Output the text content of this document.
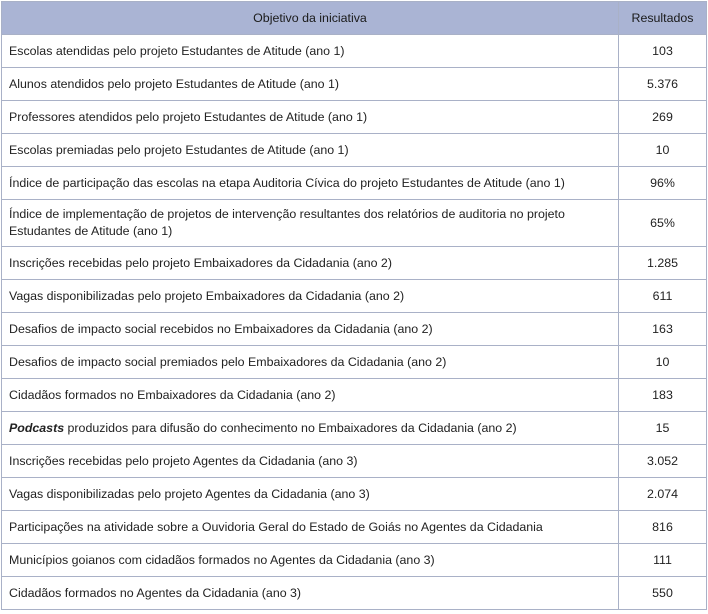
Objetivo da iniciativa	Resultados
Escolas atendidas pelo projeto Estudantes de Atitude (ano 1)	103
Alunos atendidos pelo projeto Estudantes de Atitude (ano 1)	5.376
Professores atendidos pelo projeto Estudantes de Atitude (ano 1)	269
Escolas premiadas pelo projeto Estudantes de Atitude (ano 1)	10
Índice de participação das escolas na etapa Auditoria Cívica do projeto Estudantes de Atitude (ano 1)	96%
Índice de implementação de projetos de intervenção resultantes dos relatórios de auditoria no projeto Estudantes de Atitude (ano 1)	65%
Inscrições recebidas pelo projeto Embaixadores da Cidadania (ano 2)	1.285
Vagas disponibilizadas pelo projeto Embaixadores da Cidadania (ano 2)	611
Desafios de impacto social recebidos no Embaixadores da Cidadania (ano 2)	163
Desafios de impacto social premiados pelo Embaixadores da Cidadania (ano 2)	10
Cidadãos formados no Embaixadores da Cidadania (ano 2)	183
Podcasts produzidos para difusão do conhecimento no Embaixadores da Cidadania (ano 2)	15
Inscrições recebidas pelo projeto Agentes da Cidadania (ano 3)	3.052
Vagas disponibilizadas pelo projeto Agentes da Cidadania (ano 3)	2.074
Participações na atividade sobre a Ouvidoria Geral do Estado de Goiás no Agentes da Cidadania	816
Municípios goianos com cidadãos formados no Agentes da Cidadania (ano 3)	111
Cidadãos formados no Agentes da Cidadania (ano 3)	550
